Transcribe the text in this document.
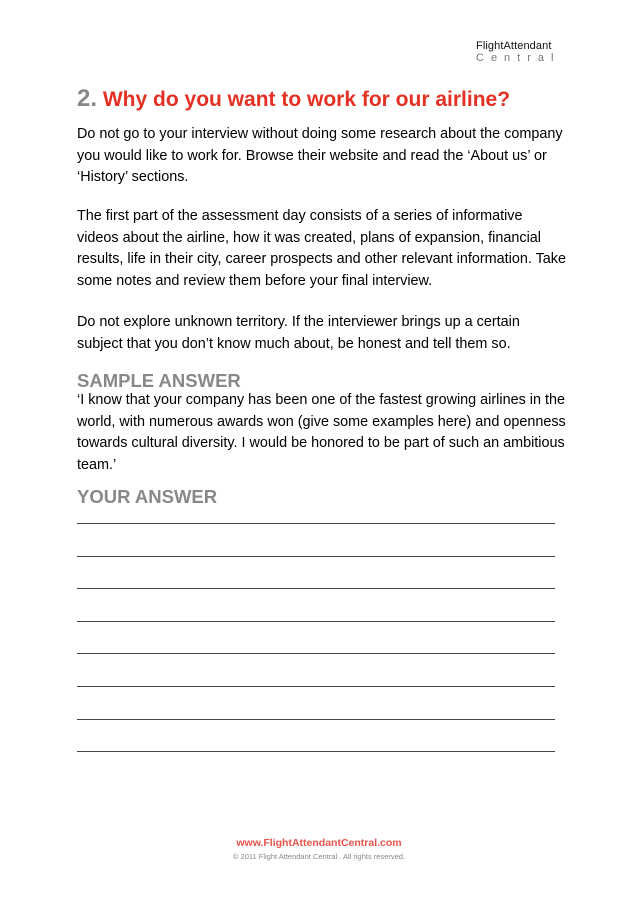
FlightAttendant
Central
2. Why do you want to work for our airline?

Do not go to your interview without doing some research about the company you would like to work for. Browse their website and read the ‘About us’ or ‘History’ sections.

The first part of the assessment day consists of a series of informative videos about the airline, how it was created, plans of expansion, financial results, life in their city, career prospects and other relevant information. Take some notes and review them before your final interview.

Do not explore unknown territory. If the interviewer brings up a certain subject that you don’t know much about, be honest and tell them so.

SAMPLE ANSWER

‘I know that your company has been one of the fastest growing airlines in the world, with numerous awards won (give some examples here) and openness towards cultural diversity. I would be honored to be part of such an ambitious team.’

YOUR ANSWER
www.FlightAttendantCentral.com
© 2011 Flight Attendant Central . All rights reserved.
